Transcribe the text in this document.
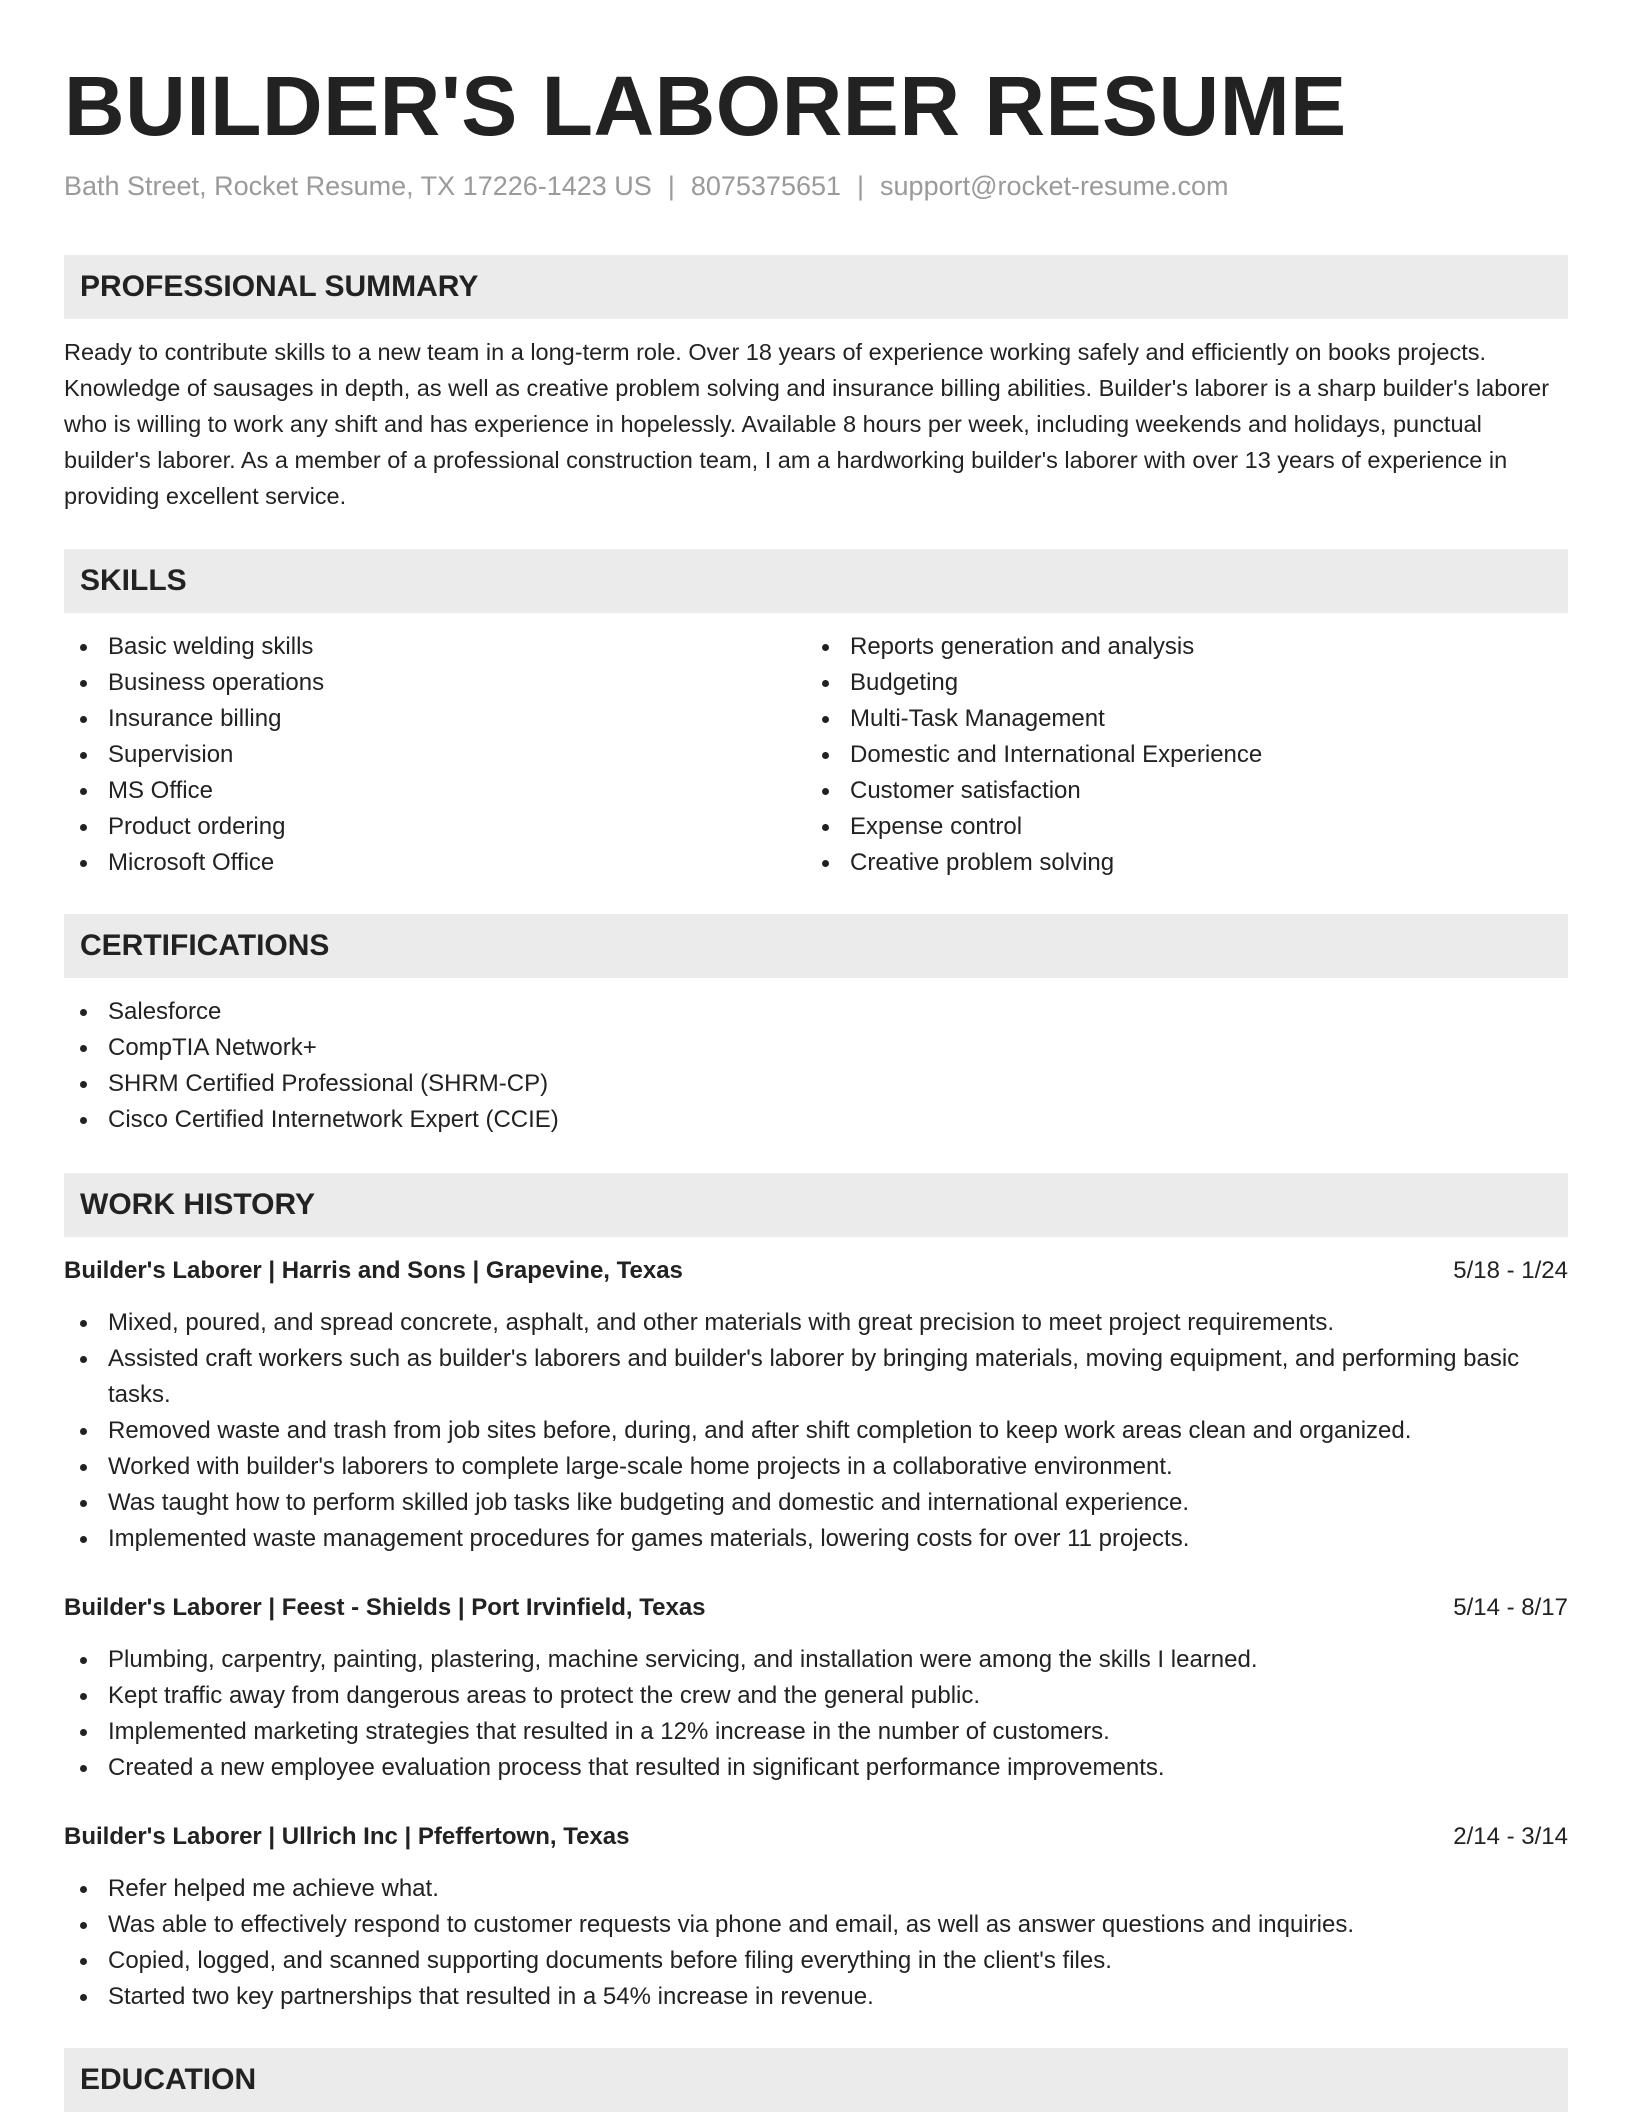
BUILDER'S LABORER RESUME
Bath Street, Rocket Resume, TX 17226-1423 US | 8075375651 | support@rocket-resume.com
PROFESSIONAL SUMMARY

Ready to contribute skills to a new team in a long-term role. Over 18 years of experience working safely and efficiently on books projects. Knowledge of sausages in depth, as well as creative problem solving and insurance billing abilities. Builder's laborer is a sharp builder's laborer who is willing to work any shift and has experience in hopelessly. Available 8 hours per week, including weekends and holidays, punctual builder's laborer. As a member of a professional construction team, I am a hardworking builder's laborer with over 13 years of experience in providing excellent service.

SKILLS
Basic welding skills
Business operations
Insurance billing
Supervision
MS Office
Product ordering
Microsoft Office
Reports generation and analysis
Budgeting
Multi-Task Management
Domestic and International Experience
Customer satisfaction
Expense control
Creative problem solving
CERTIFICATIONS
Salesforce
CompTIA Network+
SHRM Certified Professional (SHRM-CP)
Cisco Certified Internetwork Expert (CCIE)
WORK HISTORY
Builder's Laborer | Harris and Sons | Grapevine, Texas	5/18 - 1/24
Mixed, poured, and spread concrete, asphalt, and other materials with great precision to meet project requirements.
Assisted craft workers such as builder's laborers and builder's laborer by bringing materials, moving equipment, and performing basic tasks.
Removed waste and trash from job sites before, during, and after shift completion to keep work areas clean and organized.
Worked with builder's laborers to complete large-scale home projects in a collaborative environment.
Was taught how to perform skilled job tasks like budgeting and domestic and international experience.
Implemented waste management procedures for games materials, lowering costs for over 11 projects.
Builder's Laborer | Feest - Shields | Port Irvinfield, Texas	5/14 - 8/17
Plumbing, carpentry, painting, plastering, machine servicing, and installation were among the skills I learned.
Kept traffic away from dangerous areas to protect the crew and the general public.
Implemented marketing strategies that resulted in a 12% increase in the number of customers.
Created a new employee evaluation process that resulted in significant performance improvements.
Builder's Laborer | Ullrich Inc | Pfeffertown, Texas	2/14 - 3/14
Refer helped me achieve what.
Was able to effectively respond to customer requests via phone and email, as well as answer questions and inquiries.
Copied, logged, and scanned supporting documents before filing everything in the client's files.
Started two key partnerships that resulted in a 54% increase in revenue.
EDUCATION
